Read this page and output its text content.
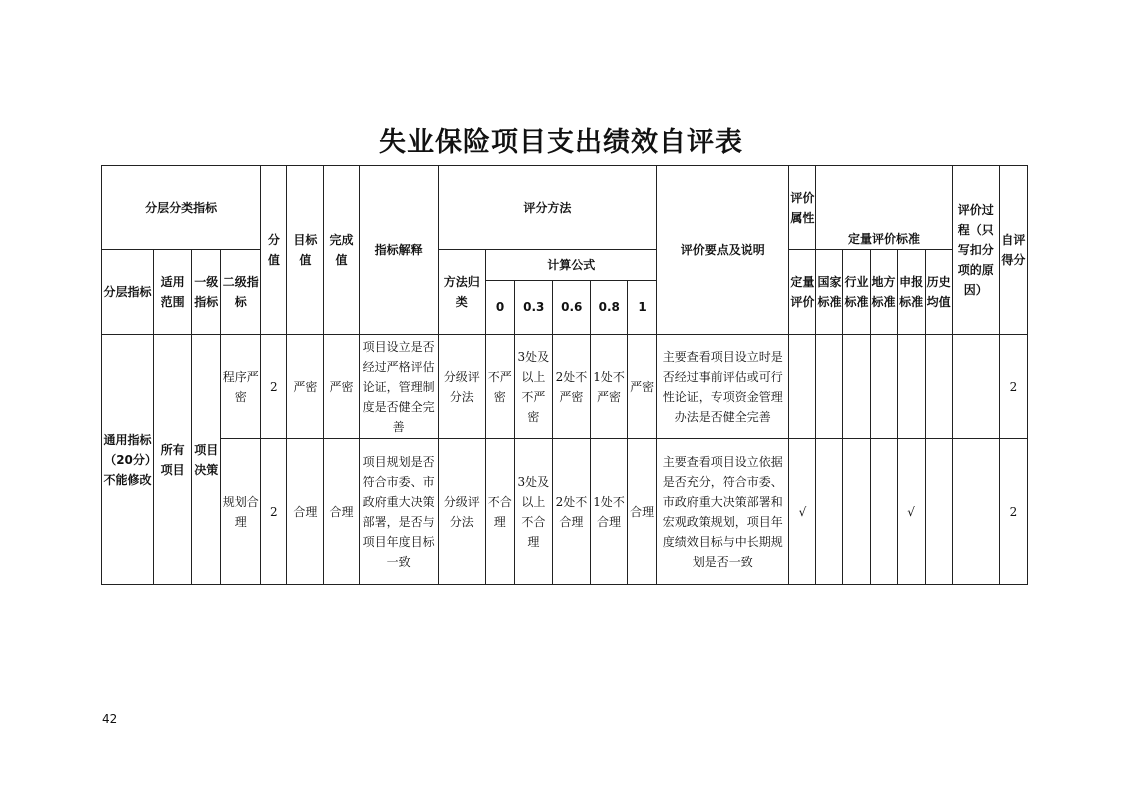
失业保险项目支出绩效自评表
分层分类指标	分值	目标值	完成值	指标解释	评分方法	评价要点及说明	评价属性	定量评价标准	评价过程（只写扣分项的原因）	自评得分
分层指标	适用范围	一级指标	二级指标	方法归类	
计算公式
0	0.3	0.6	0.8	1
	定量评价	国家标准	行业标准	地方标准	申报标准	历史均值
通用指标（20分）不能修改	所有项目	项目决策	程序严密	2	严密	严密	项目设立是否经过严格评估论证，管理制度是否健全完善	分级评分法	不严密	3处及以上不严密	2处不严密	1处不严密	严密	主要查看项目设立时是否经过事前评估或可行性论证，专项资金管理办法是否健全完善								2
规划合理	2	合理	合理	项目规划是否符合市委、市政府重大决策部署，是否与项目年度目标一致	分级评分法	不合理	3处及以上不合理	2处不合理	1处不合理	合理	主要查看项目设立依据是否充分，符合市委、市政府重大决策部署和宏观政策规划，项目年度绩效目标与中长期规划是否一致	√				√			2
42
